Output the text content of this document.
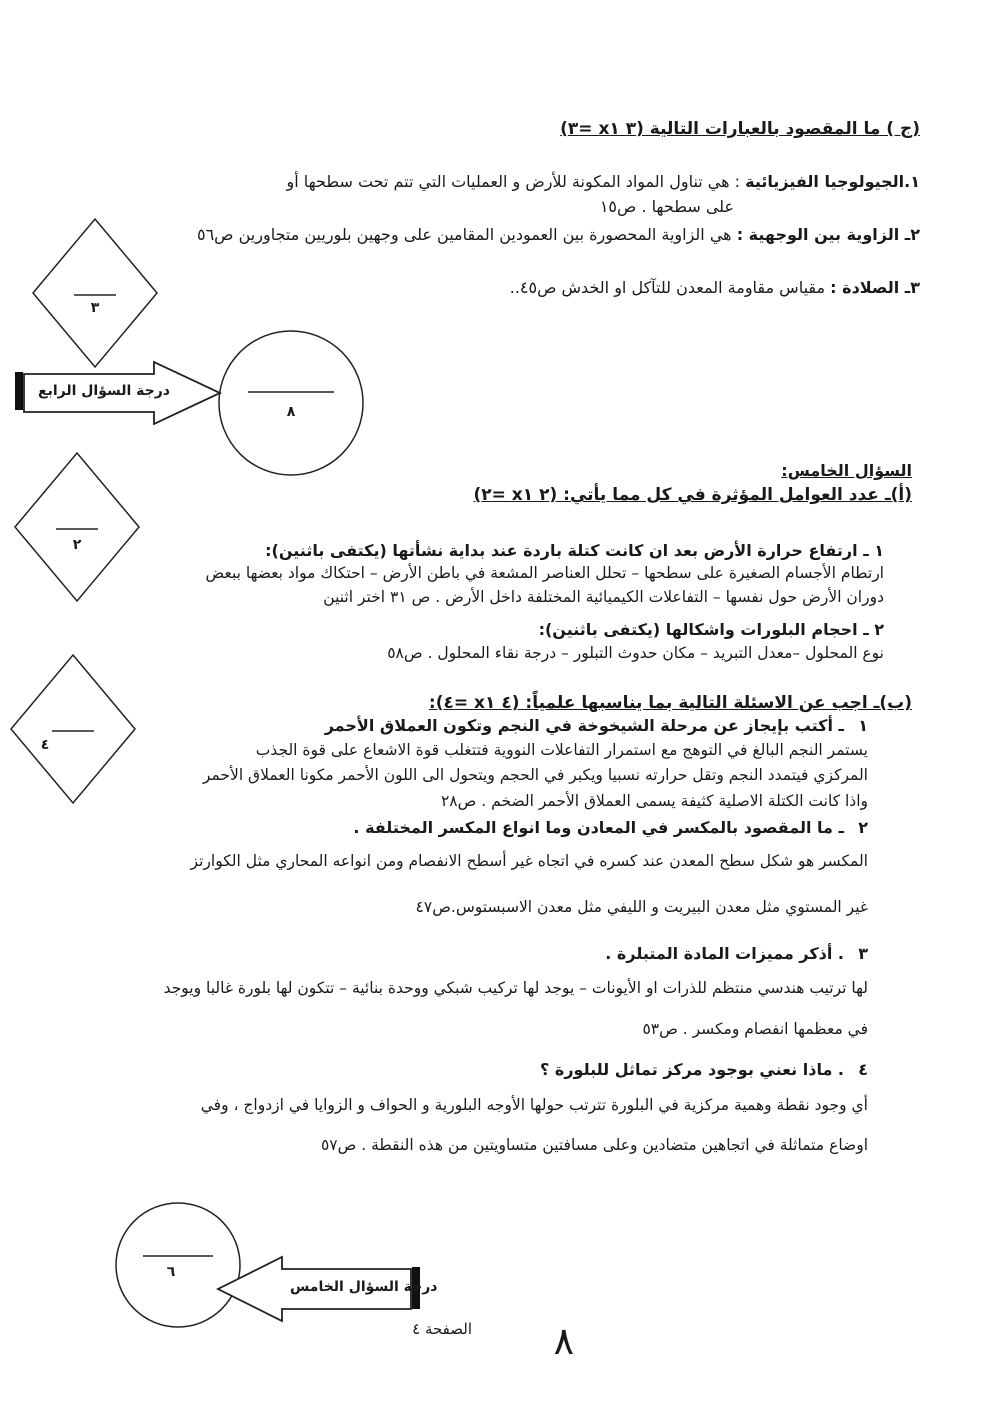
(ج ) ما المقصود بالعبارات التالية (٣ x١ =٣)
١.الجيولوجيا الفيزيائية : هي تناول المواد المكونة للأرض و العمليات التي تتم تحت سطحها أو
على سطحها . ص١٥
٢ـ الزاوية بين الوجهية : هي الزاوية المحصورة بين العمودين المقامين على وجهين بلوريين متجاورين ص٥٦
٣ـ الصلادة : مقياس مقاومة المعدن للتآكل او الخدش ص٤٥..
٣
درجة السؤال الرابع
٨
السؤال الخامس:
(أ)ـ عدد العوامل المؤثرة في كل مما يأتي: (٢ x١ =٢)
٢	١ ـ ارتفاع حرارة الأرض بعد ان كانت كتلة باردة عند بداية نشأتها (يكتفى باثنين):
ارتطام الأجسام الصغيرة على سطحها – تحلل العناصر المشعة في باطن الأرض – احتكاك مواد بعضها ببعض
دوران الأرض حول نفسها – التفاعلات الكيميائية المختلفة داخل الأرض . ص ٣١ اختر اثنين
٢ ـ احجام البلورات واشكالها (يكتفى باثنين):
نوع المحلول –معدل التبريد – مكان حدوث التبلور – درجة نقاء المحلول . ص٥٨
٤
(ب)ـ اجب عن الاسئلة التالية بما يناسبها علمياً: (٤ x١ =٤):
١
ـ أكتب بإيجاز عن مرحلة الشيخوخة في النجم وتكون العملاق الأحمر
يستمر النجم البالغ في التوهج مع استمرار التفاعلات النووية فتتغلب قوة الاشعاع على قوة الجذب
المركزي فيتمدد النجم وتقل حرارته نسبيا ويكبر في الحجم ويتحول الى اللون الأحمر مكونا العملاق الأحمر
واذا كانت الكتلة الاصلية كثيفة يسمى العملاق الأحمر الضخم . ص٢٨
٢
ـ ما المقصود بالمكسر في المعادن وما انواع المكسر المختلفة .
المكسر هو شكل سطح المعدن عند كسره في اتجاه غير أسطح الانفصام ومن انواعه المحاري مثل الكوارتز
غير المستوي مثل معدن البيريت و الليفي مثل معدن الاسبستوس.ص٤٧
٣
. أذكر مميزات المادة المتبلرة .
لها ترتيب هندسي منتظم للذرات او الأيونات – يوجد لها تركيب شبكي ووحدة بنائية – تتكون لها بلورة غالبا ويوجد
في معظمها انفصام ومكسر . ص٥٣
٤
. ماذا نعني بوجود مركز تماثل للبلورة ؟
أي وجود نقطة وهمية مركزية في البلورة تترتب حولها الأوجه البلورية و الحواف و الزوايا في ازدواج ، وفي
اوضاع متماثلة في اتجاهين متضادين وعلى مسافتين متساويتين من هذه النقطة . ص٥٧
٦
درجة السؤال الخامس
الصفحة ٤ ٨
